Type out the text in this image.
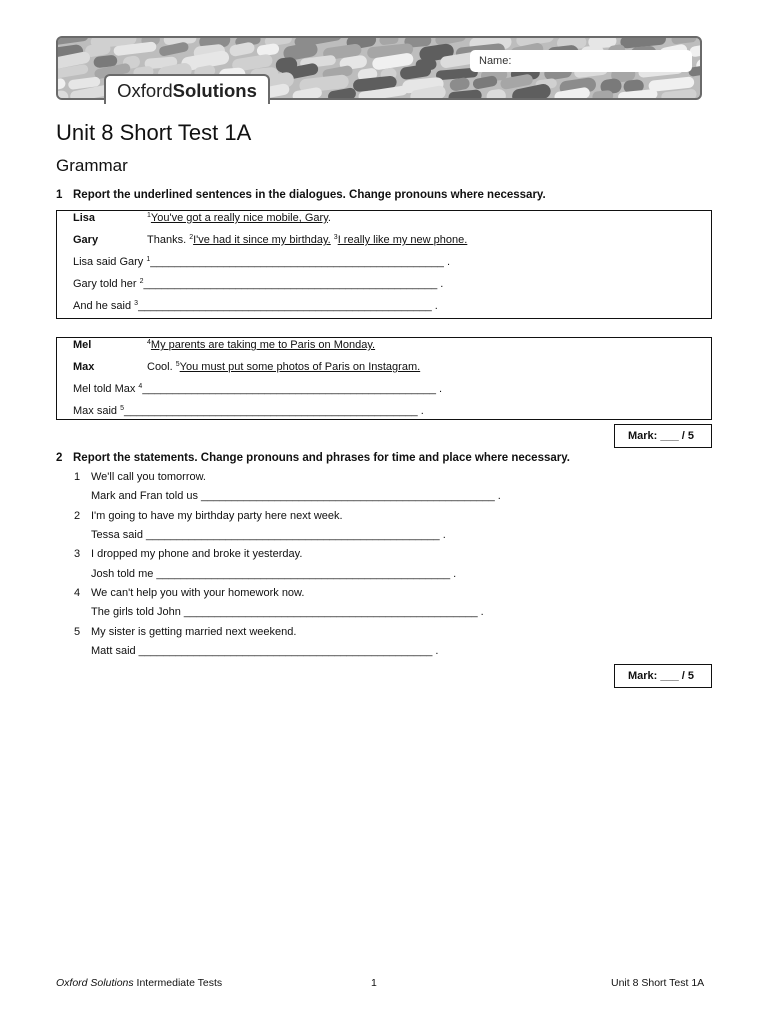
Name:
OxfordSolutions
Unit 8 Short Test 1A
Grammar
1 Report the underlined sentences in the dialogues. Change pronouns where necessary.
Lisa	$^1$You've got a really nice mobile, Gary.
Gary	Thanks. $^2$I've had it since my birthday. $^3$I really like my new phone.
Lisa said Gary $^1$________________________________________________ .
Gary told her $^2$________________________________________________ .
And he said $^3$________________________________________________ .
Mel	$^4$My parents are taking me to Paris on Monday.
Max	Cool. $^5$You must put some photos of Paris on Instagram.
Mel told Max $^4$________________________________________________ .
Max said $^5$________________________________________________ .
Mark: ___ / 5
2 Report the statements. Change pronouns and phrases for time and place where necessary.
1 We'll call you tomorrow.
Mark and Fran told us ________________________________________________ .
2 I'm going to have my birthday party here next week.
Tessa said ________________________________________________ .
3 I dropped my phone and broke it yesterday.
Josh told me ________________________________________________ .
4 We can't help you with your homework now.
The girls told John ________________________________________________ .
5 My sister is getting married next weekend.
Matt said ________________________________________________ .
Mark: ___ / 5
Oxford Solutions Intermediate Tests	1	Unit 8 Short Test 1A
